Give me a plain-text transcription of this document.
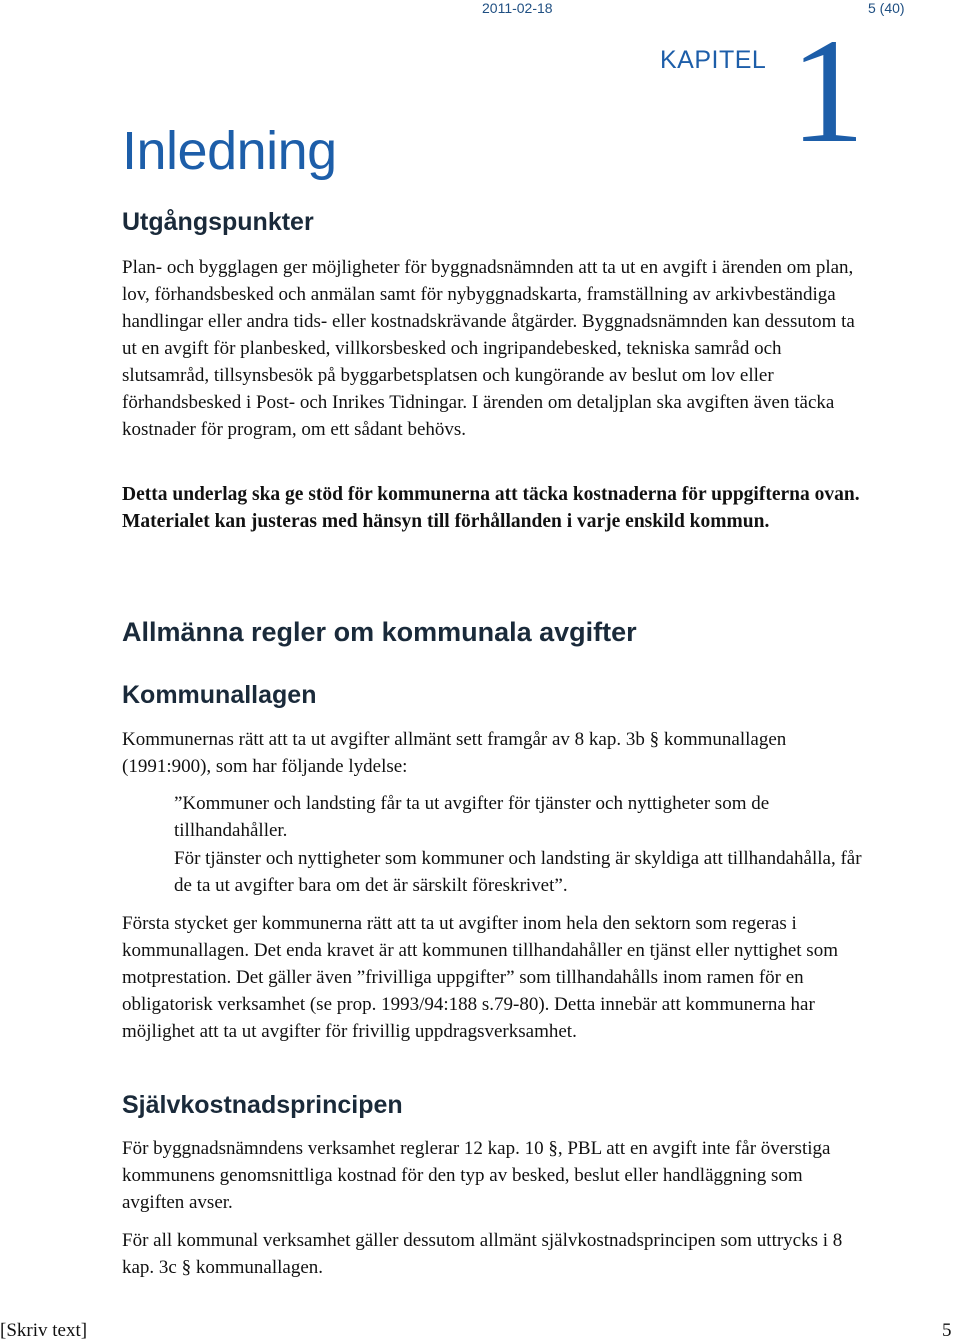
2011-02-18	5 (40)
KAPITEL 1
Inledning
Utgångspunkter

Plan- och bygglagen ger möjligheter för byggnadsnämnden att ta ut en avgift i ärenden om plan, lov, förhandsbesked och anmälan samt för nybyggnadskarta, framställning av arkivbeständiga handlingar eller andra tids- eller kostnadskrävande åtgärder. Byggnadsnämnden kan dessutom ta ut en avgift för planbesked, villkorsbesked och ingripandebesked, tekniska samråd och slutsamråd, tillsynsbesök på byggarbetsplatsen och kungörande av beslut om lov eller förhandsbesked i Post- och Inrikes Tidningar. I ärenden om detaljplan ska avgiften även täcka kostnader för program, om ett sådant behövs.

Detta underlag ska ge stöd för kommunerna att täcka kostnaderna för uppgifterna ovan. Materialet kan justeras med hänsyn till förhållanden i varje enskild kommun.

Allmänna regler om kommunala avgifter
Kommunallagen

Kommunernas rätt att ta ut avgifter allmänt sett framgår av 8 kap. 3b § kommunallagen (1991:900), som har följande lydelse:

”Kommuner och landsting får ta ut avgifter för tjänster och nyttigheter som de tillhandahåller.

För tjänster och nyttigheter som kommuner och landsting är skyldiga att tillhandahålla, får de ta ut avgifter bara om det är särskilt föreskrivet”.

Första stycket ger kommunerna rätt att ta ut avgifter inom hela den sektorn som regeras i kommunallagen. Det enda kravet är att kommunen tillhandahåller en tjänst eller nyttighet som motprestation. Det gäller även ”frivilliga uppgifter” som tillhandahålls inom ramen för en obligatorisk verksamhet (se prop. 1993/94:188 s.79-80). Detta innebär att kommunerna har möjlighet att ta ut avgifter för frivillig uppdragsverksamhet.

Självkostnadsprincipen

För byggnadsnämndens verksamhet reglerar 12 kap. 10 §, PBL att en avgift inte får överstiga kommunens genomsnittliga kostnad för den typ av besked, beslut eller handläggning som avgiften avser.

För all kommunal verksamhet gäller dessutom allmänt självkostnadsprincipen som uttrycks i 8 kap. 3c § kommunallagen.

[Skriv text]	5
